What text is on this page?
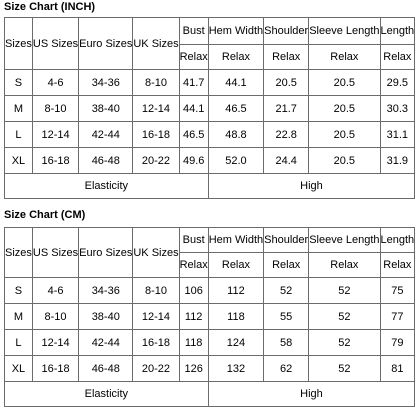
Size Chart (INCH)
Sizes	US Sizes	Euro Sizes	UK Sizes	Bust	Hem Width	Shoulder	Sleeve Length	Length
				Relax	Relax	Relax	Relax	Relax
S	4-6	34-36	8-10	41.7	44.1	20.5	20.5	29.5
M	8-10	38-40	12-14	44.1	46.5	21.7	20.5	30.3
L	12-14	42-44	16-18	46.5	48.8	22.8	20.5	31.1
XL	16-18	46-48	20-22	49.6	52.0	24.4	20.5	31.9
Elasticity					High			
Size Chart (CM)
Sizes	US Sizes	Euro Sizes	UK Sizes	Bust	Hem Width	Shoulder	Sleeve Length	Length
				Relax	Relax	Relax	Relax	Relax
S	4-6	34-36	8-10	106	112	52	52	75
M	8-10	38-40	12-14	112	118	55	52	77
L	12-14	42-44	16-18	118	124	58	52	79
XL	16-18	46-48	20-22	126	132	62	52	81
Elasticity					High			
